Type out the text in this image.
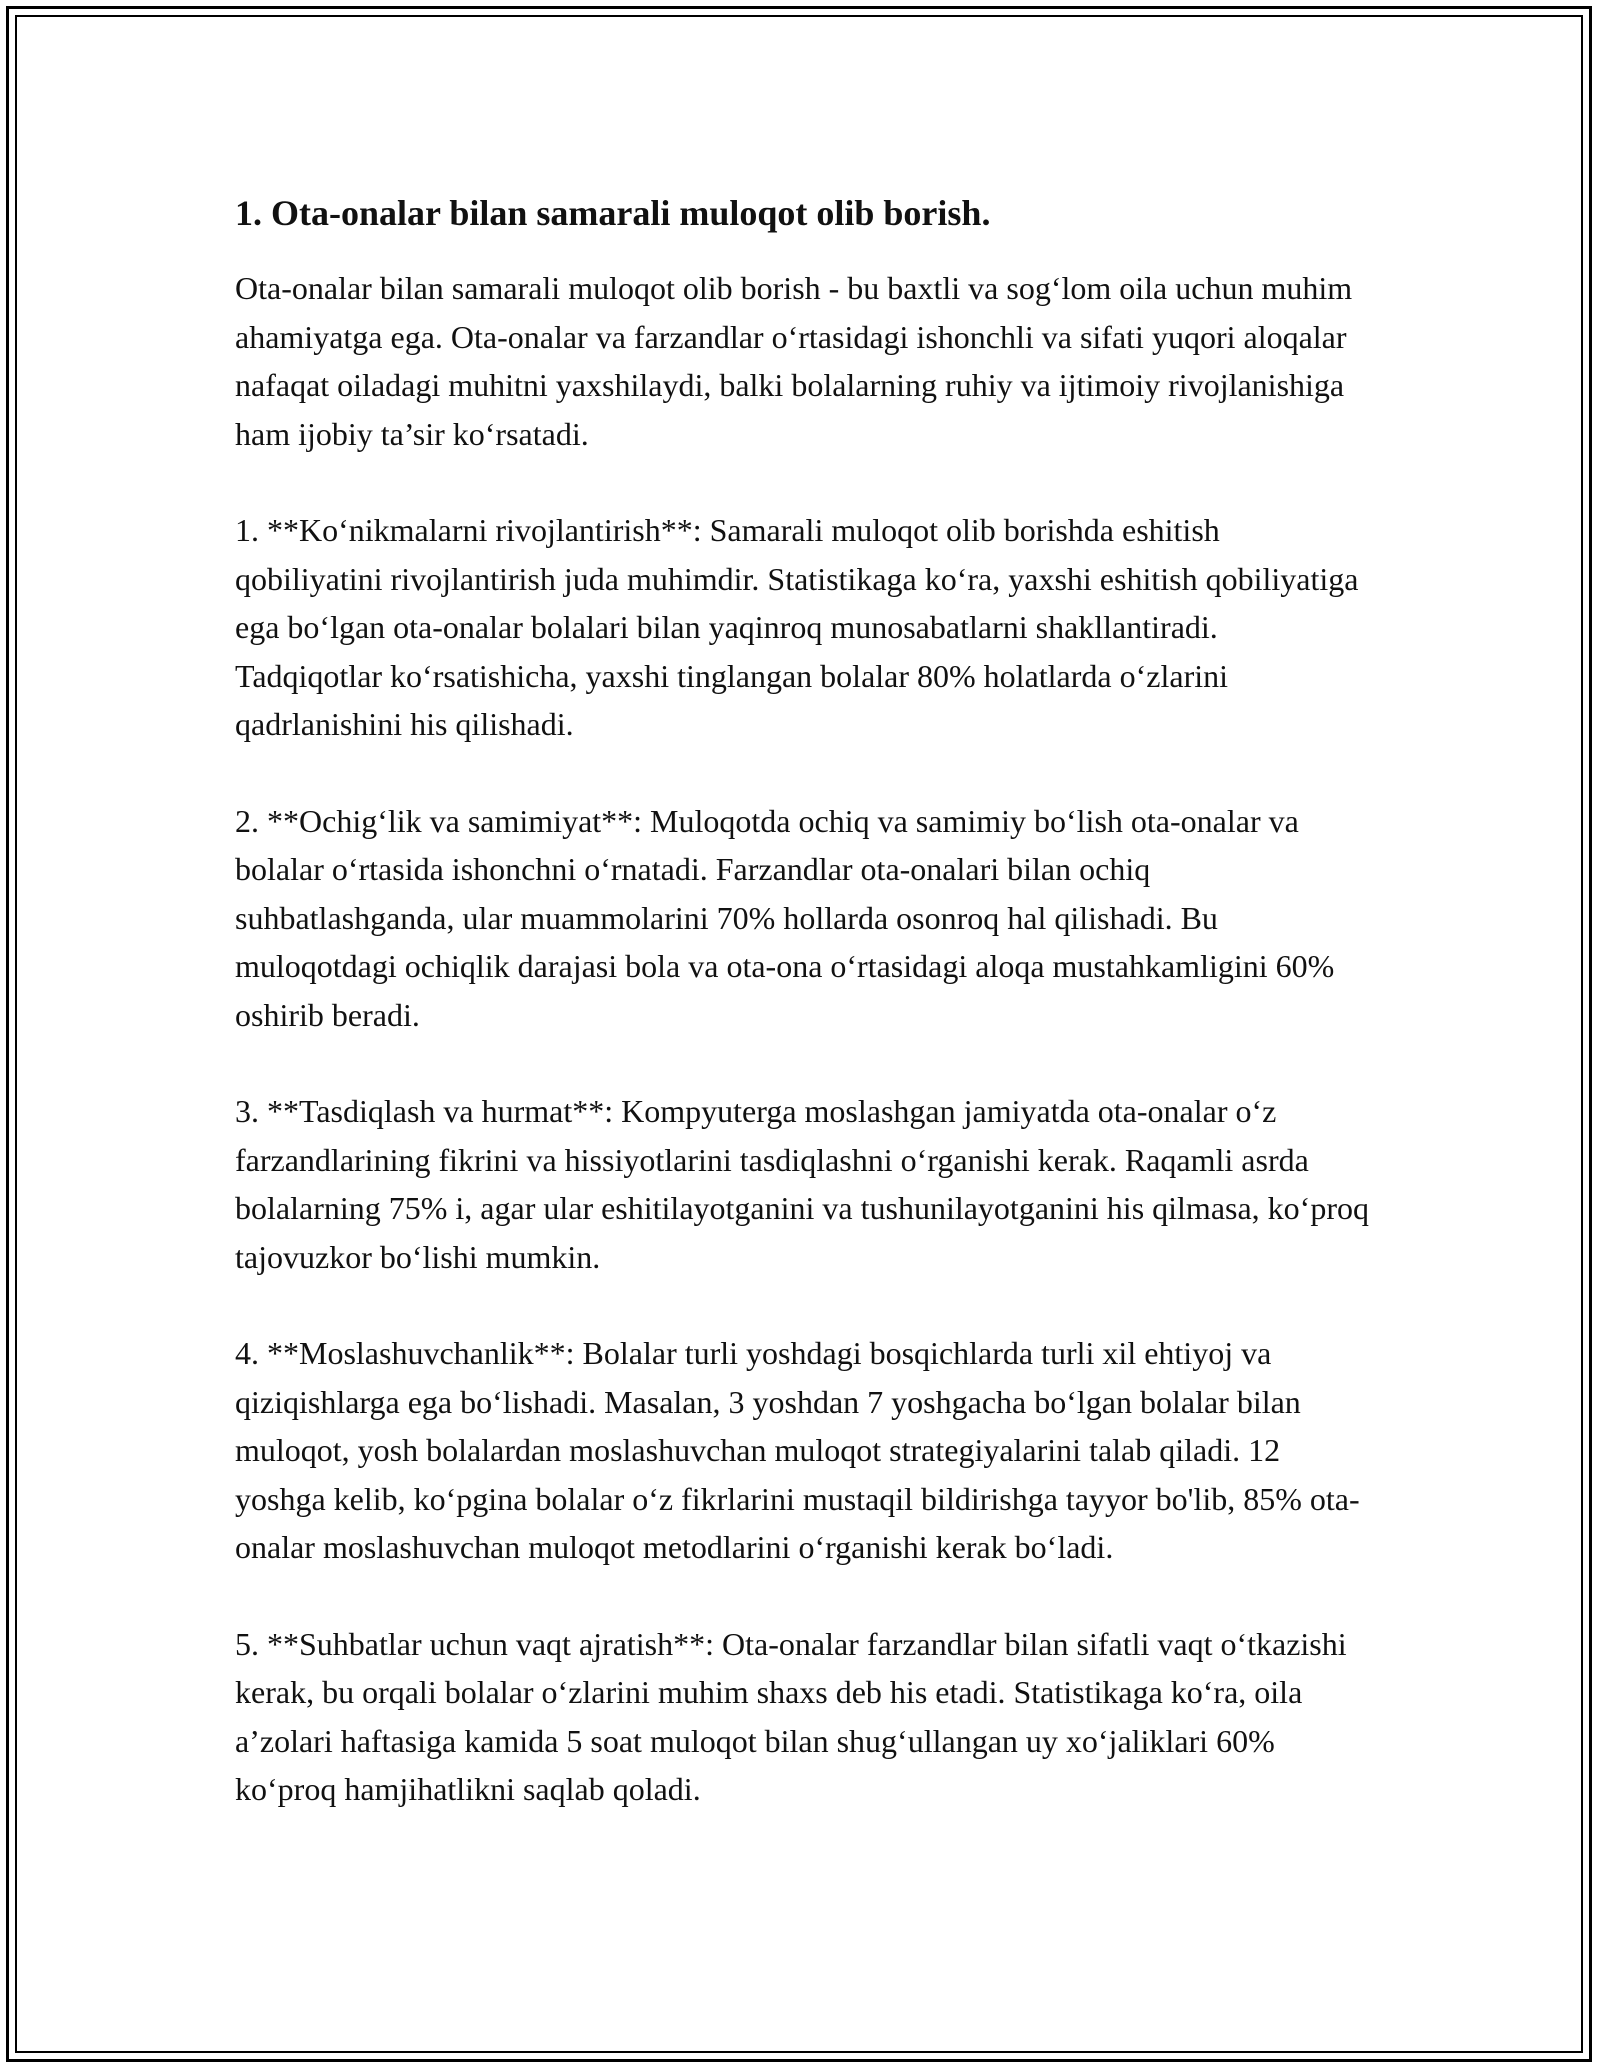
1. Ota-onalar bilan samarali muloqot olib borish.

Ota-onalar bilan samarali muloqot olib borish - bu baxtli va sog‘lom oila uchun muhim ahamiyatga ega. Ota-onalar va farzandlar o‘rtasidagi ishonchli va sifati yuqori aloqalar nafaqat oiladagi muhitni yaxshilaydi, balki bolalarning ruhiy va ijtimoiy rivojlanishiga ham ijobiy ta’sir ko‘rsatadi.

1. **Ko‘nikmalarni rivojlantirish**: Samarali muloqot olib borishda eshitish qobiliyatini rivojlantirish juda muhimdir. Statistikaga ko‘ra, yaxshi eshitish qobiliyatiga ega bo‘lgan ota-onalar bolalari bilan yaqinroq munosabatlarni shakllantiradi. Tadqiqotlar ko‘rsatishicha, yaxshi tinglangan bolalar 80% holatlarda o‘zlarini qadrlanishini his qilishadi.

2. **Ochig‘lik va samimiyat**: Muloqotda ochiq va samimiy bo‘lish ota-onalar va bolalar o‘rtasida ishonchni o‘rnatadi. Farzandlar ota-onalari bilan ochiq suhbatlashganda, ular muammolarini 70% hollarda osonroq hal qilishadi. Bu muloqotdagi ochiqlik darajasi bola va ota-ona o‘rtasidagi aloqa mustahkamligini 60% oshirib beradi.

3. **Tasdiqlash va hurmat**: Kompyuterga moslashgan jamiyatda ota-onalar o‘z farzandlarining fikrini va hissiyotlarini tasdiqlashni o‘rganishi kerak. Raqamli asrda bolalarning 75% i, agar ular eshitilayotganini va tushunilayotganini his qilmasa, ko‘proq tajovuzkor bo‘lishi mumkin.

4. **Moslashuvchanlik**: Bolalar turli yoshdagi bosqichlarda turli xil ehtiyoj va qiziqishlarga ega bo‘lishadi. Masalan, 3 yoshdan 7 yoshgacha bo‘lgan bolalar bilan muloqot, yosh bolalardan moslashuvchan muloqot strategiyalarini talab qiladi. 12 yoshga kelib, ko‘pgina bolalar o‘z fikrlarini mustaqil bildirishga tayyor bo'lib, 85% ota-onalar moslashuvchan muloqot metodlarini o‘rganishi kerak bo‘ladi.

5. **Suhbatlar uchun vaqt ajratish**: Ota-onalar farzandlar bilan sifatli vaqt o‘tkazishi kerak, bu orqali bolalar o‘zlarini muhim shaxs deb his etadi. Statistikaga ko‘ra, oila a’zolari haftasiga kamida 5 soat muloqot bilan shug‘ullangan uy xo‘jaliklari 60% ko‘proq hamjihatlikni saqlab qoladi.
